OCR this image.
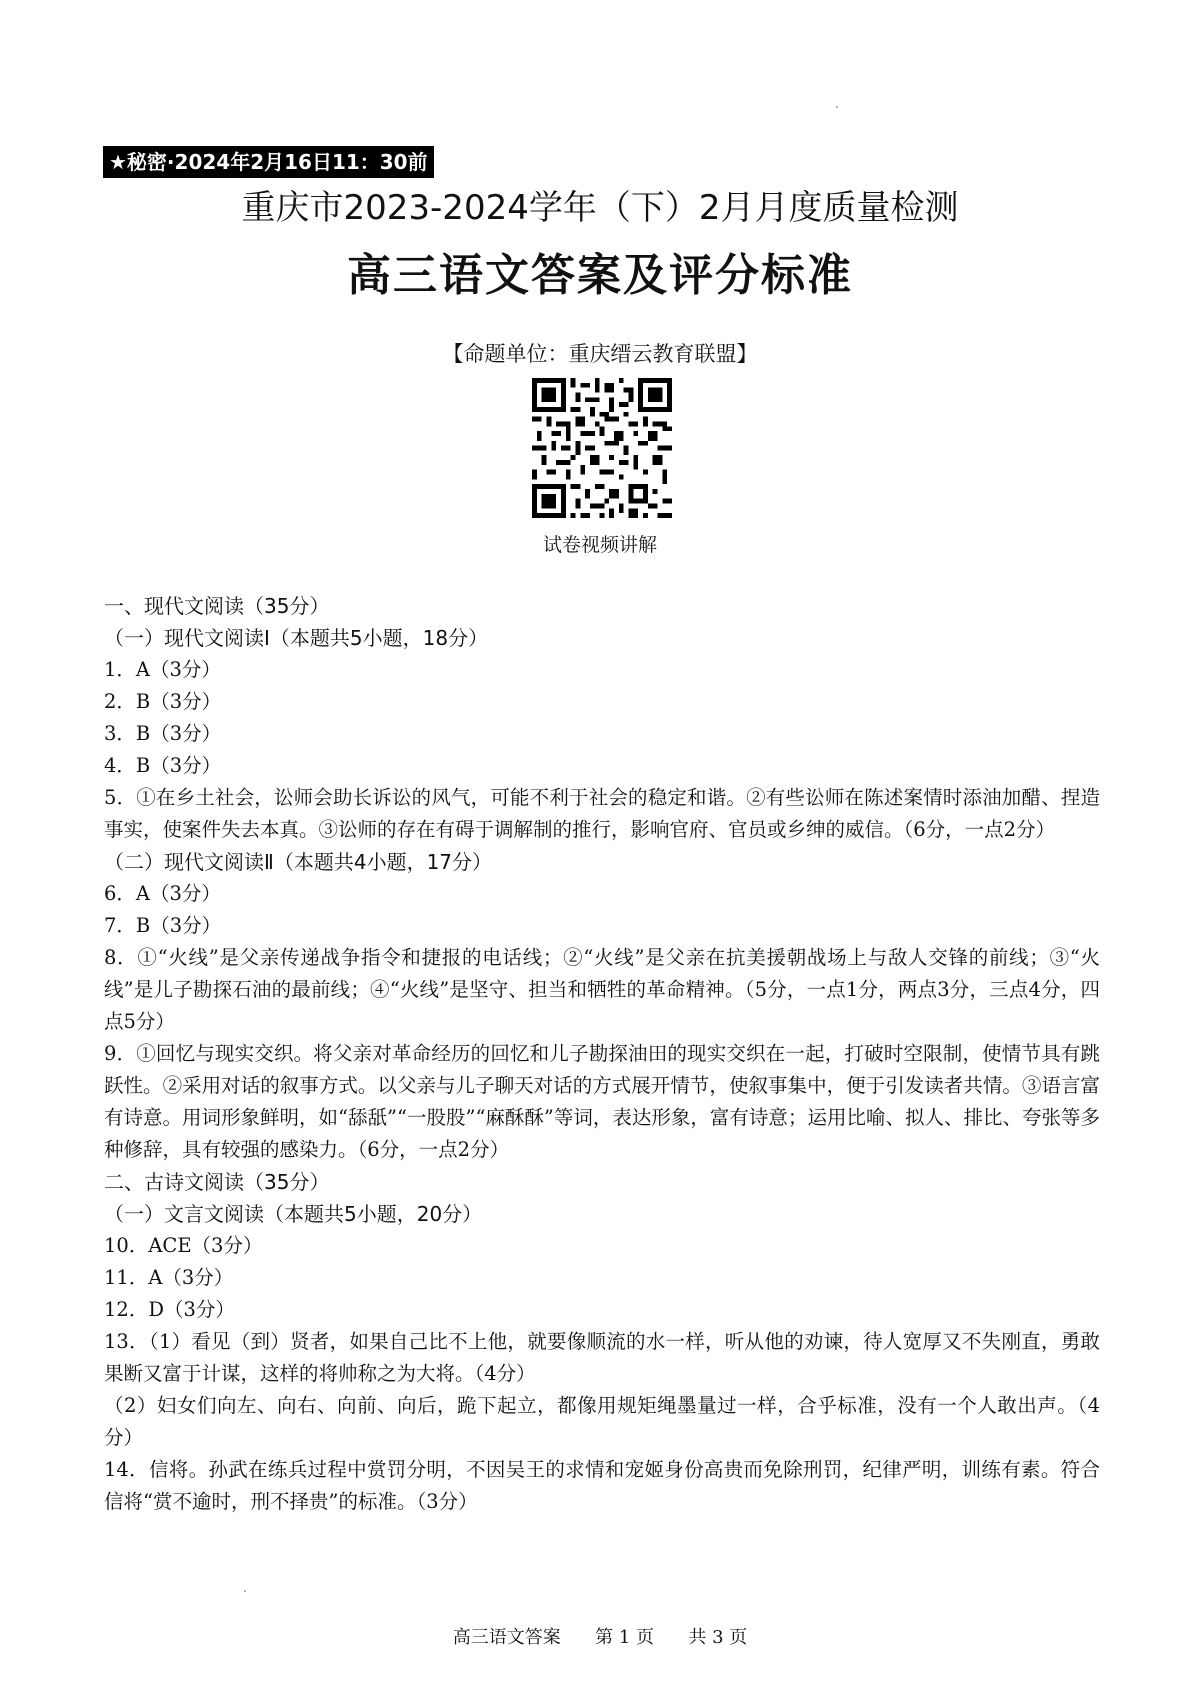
★秘密·2024年2月16日11：30前
重庆市2023-2024学年（下）2月月度质量检测
高三语文答案及评分标准
【命题单位：重庆缙云教育联盟】
试卷视频讲解
一、现代文阅读（35分）
（一）现代文阅读Ⅰ（本题共5小题，18分）
1．A（3分）
2．B（3分）
3．B（3分）
4．B（3分）
5．①在乡土社会，讼师会助长诉讼的风气，可能不利于社会的稳定和谐。②有些讼师在陈述案情时添油加醋、捏造事实，使案件失去本真。③讼师的存在有碍于调解制的推行，影响官府、官员或乡绅的威信。（6分，一点2分）
（二）现代文阅读Ⅱ（本题共4小题，17分）
6．A（3分）
7．B（3分）
8．①“火线”是父亲传递战争指令和捷报的电话线；②“火线”是父亲在抗美援朝战场上与敌人交锋的前线；③“火线”是儿子勘探石油的最前线；④“火线”是坚守、担当和牺牲的革命精神。（5分，一点1分，两点3分，三点4分，四点5分）
9．①回忆与现实交织。将父亲对革命经历的回忆和儿子勘探油田的现实交织在一起，打破时空限制，使情节具有跳跃性。②采用对话的叙事方式。以父亲与儿子聊天对话的方式展开情节，使叙事集中，便于引发读者共情。③语言富有诗意。用词形象鲜明，如“舔舐”“一股股”“麻酥酥”等词，表达形象，富有诗意；运用比喻、拟人、排比、夸张等多种修辞，具有较强的感染力。（6分，一点2分）
二、古诗文阅读（35分）
（一）文言文阅读（本题共5小题，20分）
10．ACE（3分）
11．A（3分）
12．D（3分）
13．（1）看见（到）贤者，如果自己比不上他，就要像顺流的水一样，听从他的劝谏，待人宽厚又不失刚直，勇敢果断又富于计谋，这样的将帅称之为大将。（4分）
（2）妇女们向左、向右、向前、向后，跪下起立，都像用规矩绳墨量过一样，合乎标准，没有一个人敢出声。（4分）
14．信将。孙武在练兵过程中赏罚分明，不因吴王的求情和宠姬身份高贵而免除刑罚，纪律严明，训练有素。符合信将“赏不逾时，刑不择贵”的标准。（3分）
高三语文答案 第 1 页 共 3 页
